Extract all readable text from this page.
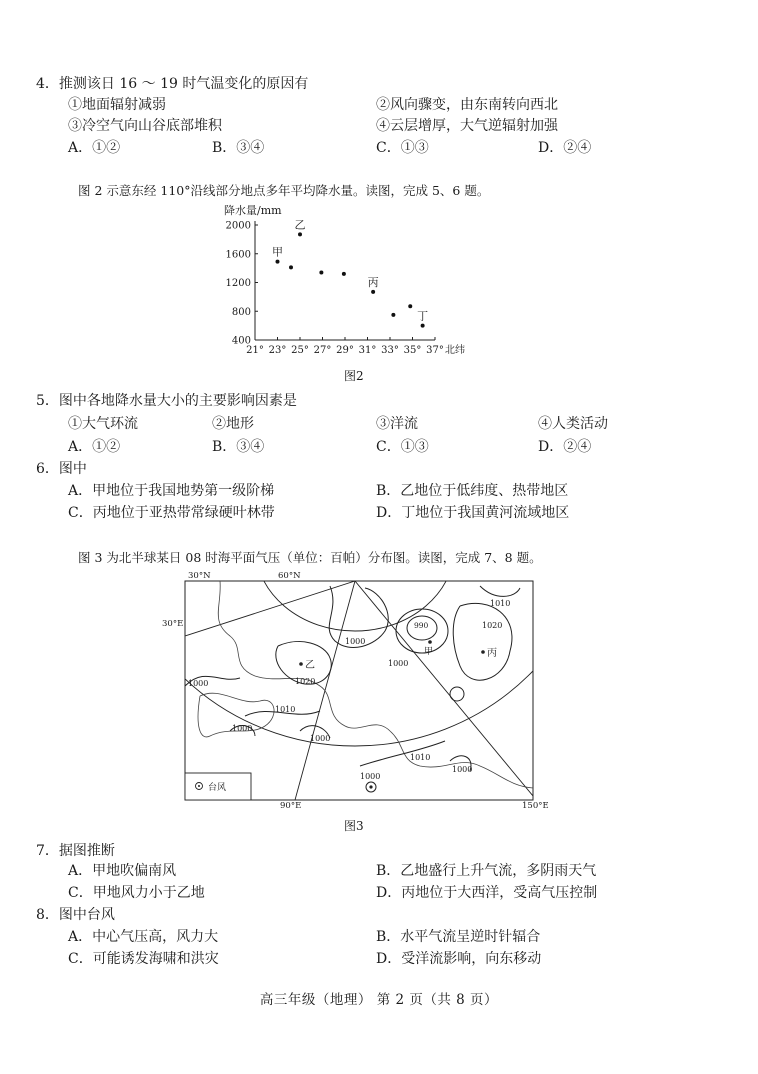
4．推测该日 16 ～ 19 时气温变化的原因有
①地面辐射减弱	②风向骤变，由东南转向西北
③冷空气向山谷底部堆积	④云层增厚，大气逆辐射加强
A．①②	B．③④	C．①③	D．②④
图 2 示意东经 110°沿线部分地点多年平均降水量。读图，完成 5、6 题。
降水量/mm
400
800
1200
1600
2000
21° 23° 25° 27° 29° 31° 33° 35° 37° 北纬
甲
乙
丙
丁
图2
5．图中各地降水量大小的主要影响因素是
①大气环流	②地形	③洋流	④人类活动
A．①②	B．③④	C．①③	D．②④
6．图中
A．甲地位于我国地势第一级阶梯	B．乙地位于低纬度、热带地区
C．丙地位于亚热带常绿硬叶林带	D．丁地位于我国黄河流域地区
图 3 为北半球某日 08 时海平面气压（单位：百帕）分布图。读图，完成 7、8 题。
30°N	60°N
30°E
90°E	150°E
1010
1000
990	1020
1000
1020
1000
1010
1000
1000
1010
1000
1000
乙
甲	丙
台风
图3
7．据图推断
A．甲地吹偏南风	B．乙地盛行上升气流，多阴雨天气
C．甲地风力小于乙地	D．丙地位于大西洋，受高气压控制
8．图中台风
A．中心气压高，风力大	B．水平气流呈逆时针辐合
C．可能诱发海啸和洪灾	D．受洋流影响，向东移动
高三年级（地理） 第 2 页（共 8 页）
